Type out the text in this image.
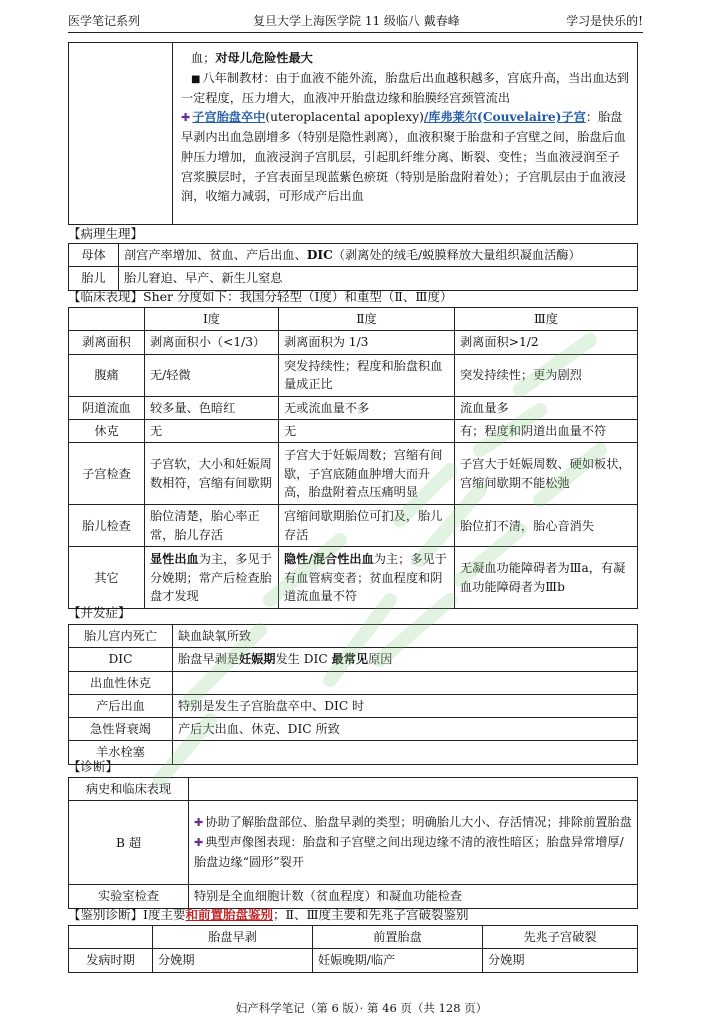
医学笔记系列	复旦大学上海医学院 11 级临八 戴春峰	学习是快乐的!

血；对母儿危险性最大

■ 八年制教材：由于血液不能外流，胎盘后出血越积越多，宫底升高，当出血达到一定程度，压力增大，血液冲开胎盘边缘和胎膜经宫颈管流出

✚ 子宫胎盘卒中(uteroplacental apoplexy)/库弗莱尔(Couvelaire)子宫：胎盘早剥内出血急剧增多（特别是隐性剥离），血液积聚于胎盘和子宫壁之间，胎盘后血肿压力增加，血液浸润子宫肌层，引起肌纤维分离、断裂、变性；当血液浸润至子宫浆膜层时，子宫表面呈现蓝紫色瘀斑（特别是胎盘附着处）；子宫肌层由于血液浸润，收缩力减弱，可形成产后出血

【病理生理】
母体	剖宫产率增加、贫血、产后出血、DIC（剥离处的绒毛/蜕膜释放大量组织凝血活酶）
胎儿	胎儿窘迫、早产、新生儿窒息
【临床表现】Sher 分度如下：我国分轻型（Ⅰ度）和重型（Ⅱ、Ⅲ度）
	Ⅰ度	Ⅱ度	Ⅲ度
剥离面积	剥离面积小（<1/3）	剥离面积为 1/3	剥离面积>1/2
腹痛	无/轻微	突发持续性；程度和胎盘积血量成正比	突发持续性；更为剧烈
阴道流血	较多量、色暗红	无或流血量不多	流血量多
休克	无	无	有；程度和阴道出血量不符
子宫检查	子宫软，大小和妊娠周数相符，宫缩有间歇期	子宫大于妊娠周数；宫缩有间歇，子宫底随血肿增大而升高，胎盘附着点压痛明显	子宫大于妊娠周数、硬如板状，宫缩间歇期不能松弛
胎儿检查	胎位清楚，胎心率正常，胎儿存活	宫缩间歇期胎位可扪及，胎儿存活	胎位扪不清，胎心音消失
其它	显性出血为主，多见于分娩期；常产后检查胎盘才发现	隐性/混合性出血为主；多见于有血管病变者；贫血程度和阴道流血量不符	无凝血功能障碍者为Ⅲa，有凝血功能障碍者为Ⅲb
【并发症】
胎儿宫内死亡	缺血缺氧所致
DIC	胎盘早剥是妊娠期发生 DIC 最常见原因
出血性休克	
产后出血	特别是发生子宫胎盘卒中、DIC 时
急性肾衰竭	产后大出血、休克、DIC 所致
羊水栓塞	
【诊断】
病史和临床表现	
B 超	✚ 协助了解胎盘部位、胎盘早剥的类型；明确胎儿大小、存活情况；排除前置胎盘

✚ 典型声像图表现：胎盘和子宫壁之间出现边缘不清的液性暗区；胎盘异常增厚/胎盘边缘“圆形”裂开

实验室检查	特别是全血细胞计数（贫血程度）和凝血功能检查
【鉴别诊断】Ⅰ度主要和前置胎盘鉴别；Ⅱ、Ⅲ度主要和先兆子宫破裂鉴别
	胎盘早剥	前置胎盘	先兆子宫破裂
发病时期	分娩期	妊娠晚期/临产	分娩期
妇产科学笔记（第 6 版）· 第 46 页（共 128 页）
